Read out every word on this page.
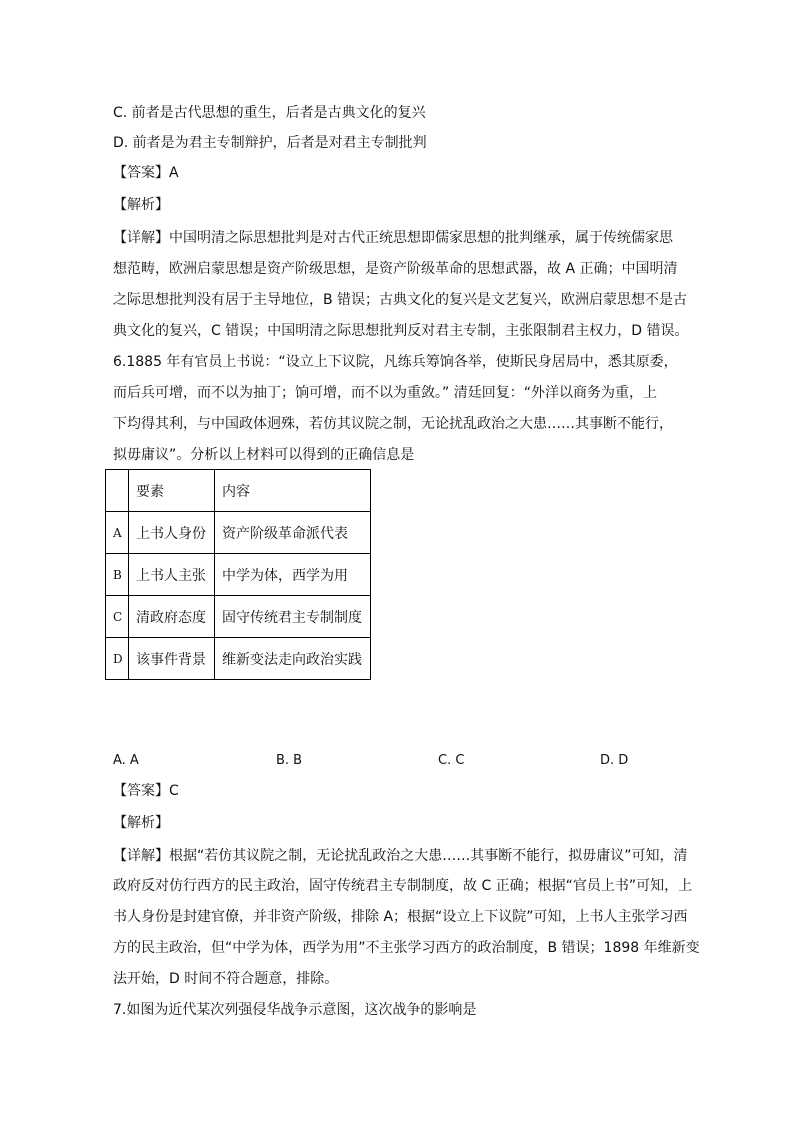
C. 前者是古代思想的重生，后者是古典文化的复兴
D. 前者是为君主专制辩护，后者是对君主专制批判
【答案】A
【解析】
【详解】中国明清之际思想批判是对古代正统思想即儒家思想的批判继承，属于传统儒家思
想范畴，欧洲启蒙思想是资产阶级思想，是资产阶级革命的思想武器，故 A 正确；中国明清
之际思想批判没有居于主导地位，B 错误；古典文化的复兴是文艺复兴，欧洲启蒙思想不是古
典文化的复兴，C 错误；中国明清之际思想批判反对君主专制，主张限制君主权力，D 错误。
6.1885 年有官员上书说：“设立上下议院，凡练兵筹饷各举，使斯民身居局中，悉其原委，
而后兵可增，而不以为抽丁；饷可增，而不以为重敛。” 清廷回复：“外洋以商务为重，上
下均得其利，与中国政体迥殊，若仿其议院之制，无论扰乱政治之大患……其事断不能行，
拟毋庸议”。分析以上材料可以得到的正确信息是
	要素	内容
A	上书人身份	资产阶级革命派代表
B	上书人主张	中学为体，西学为用
C	清政府态度	固守传统君主专制制度
D	该事件背景	维新变法走向政治实践
A. A	B. B	C. C	D. D
【答案】C
【解析】
【详解】根据“若仿其议院之制，无论扰乱政治之大患……其事断不能行，拟毋庸议”可知，清
政府反对仿行西方的民主政治，固守传统君主专制制度，故 C 正确；根据“官员上书”可知，上
书人身份是封建官僚，并非资产阶级，排除 A；根据“设立上下议院”可知，上书人主张学习西
方的民主政治，但“中学为体，西学为用”不主张学习西方的政治制度，B 错误；1898 年维新变
法开始，D 时间不符合题意，排除。
7.如图为近代某次列强侵华战争示意图，这次战争的影响是
